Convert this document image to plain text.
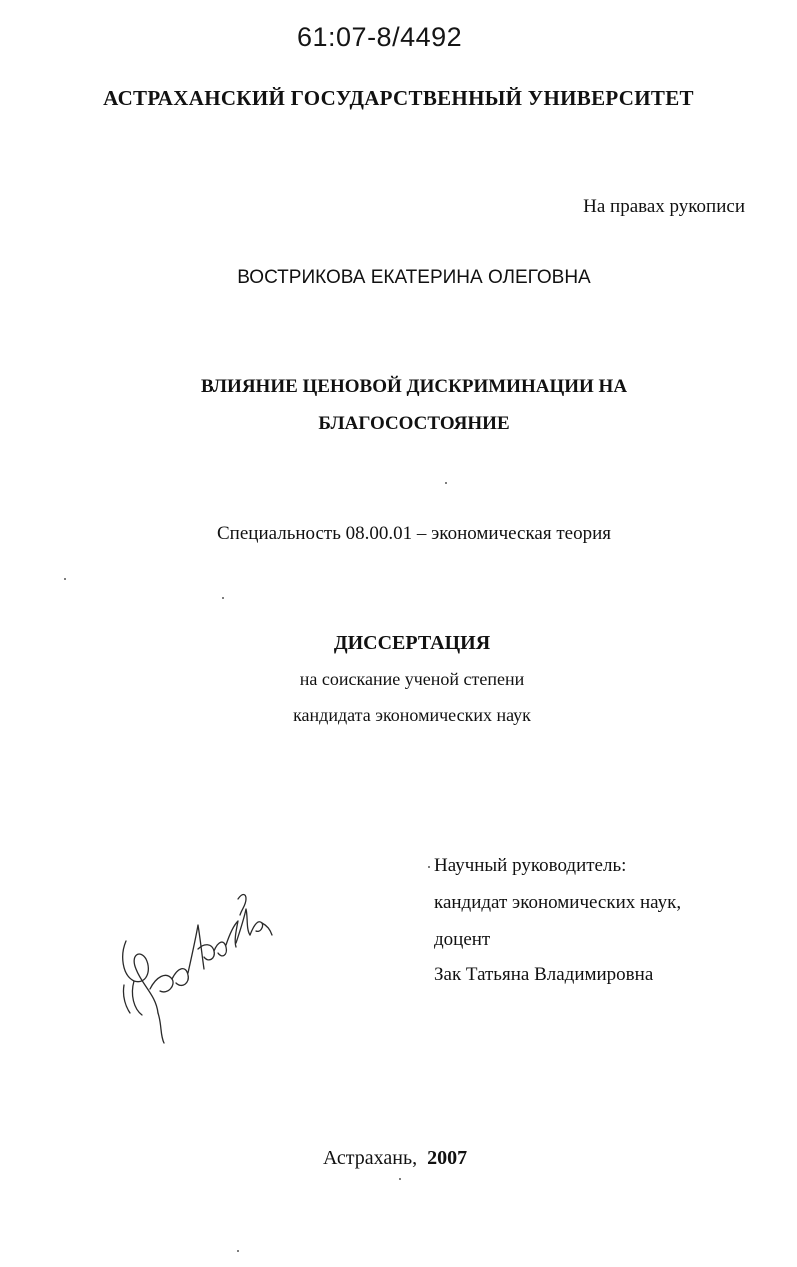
61:07-8/4492
АСТРАХАНСКИЙ ГОСУДАРСТВЕННЫЙ УНИВЕРСИТЕТ
На правах рукописи
ВОСТРИКОВА ЕКАТЕРИНА ОЛЕГОВНА
ВЛИЯНИЕ ЦЕНОВОЙ ДИСКРИМИНАЦИИ НА
БЛАГОСОСТОЯНИЕ
Специальность 08.00.01 – экономическая теория
ДИССЕРТАЦИЯ
на соискание ученой степени
кандидата экономических наук
Научный руководитель:
кандидат экономических наук,
доцент
Зак Татьяна Владимировна
Астрахань,  2007
